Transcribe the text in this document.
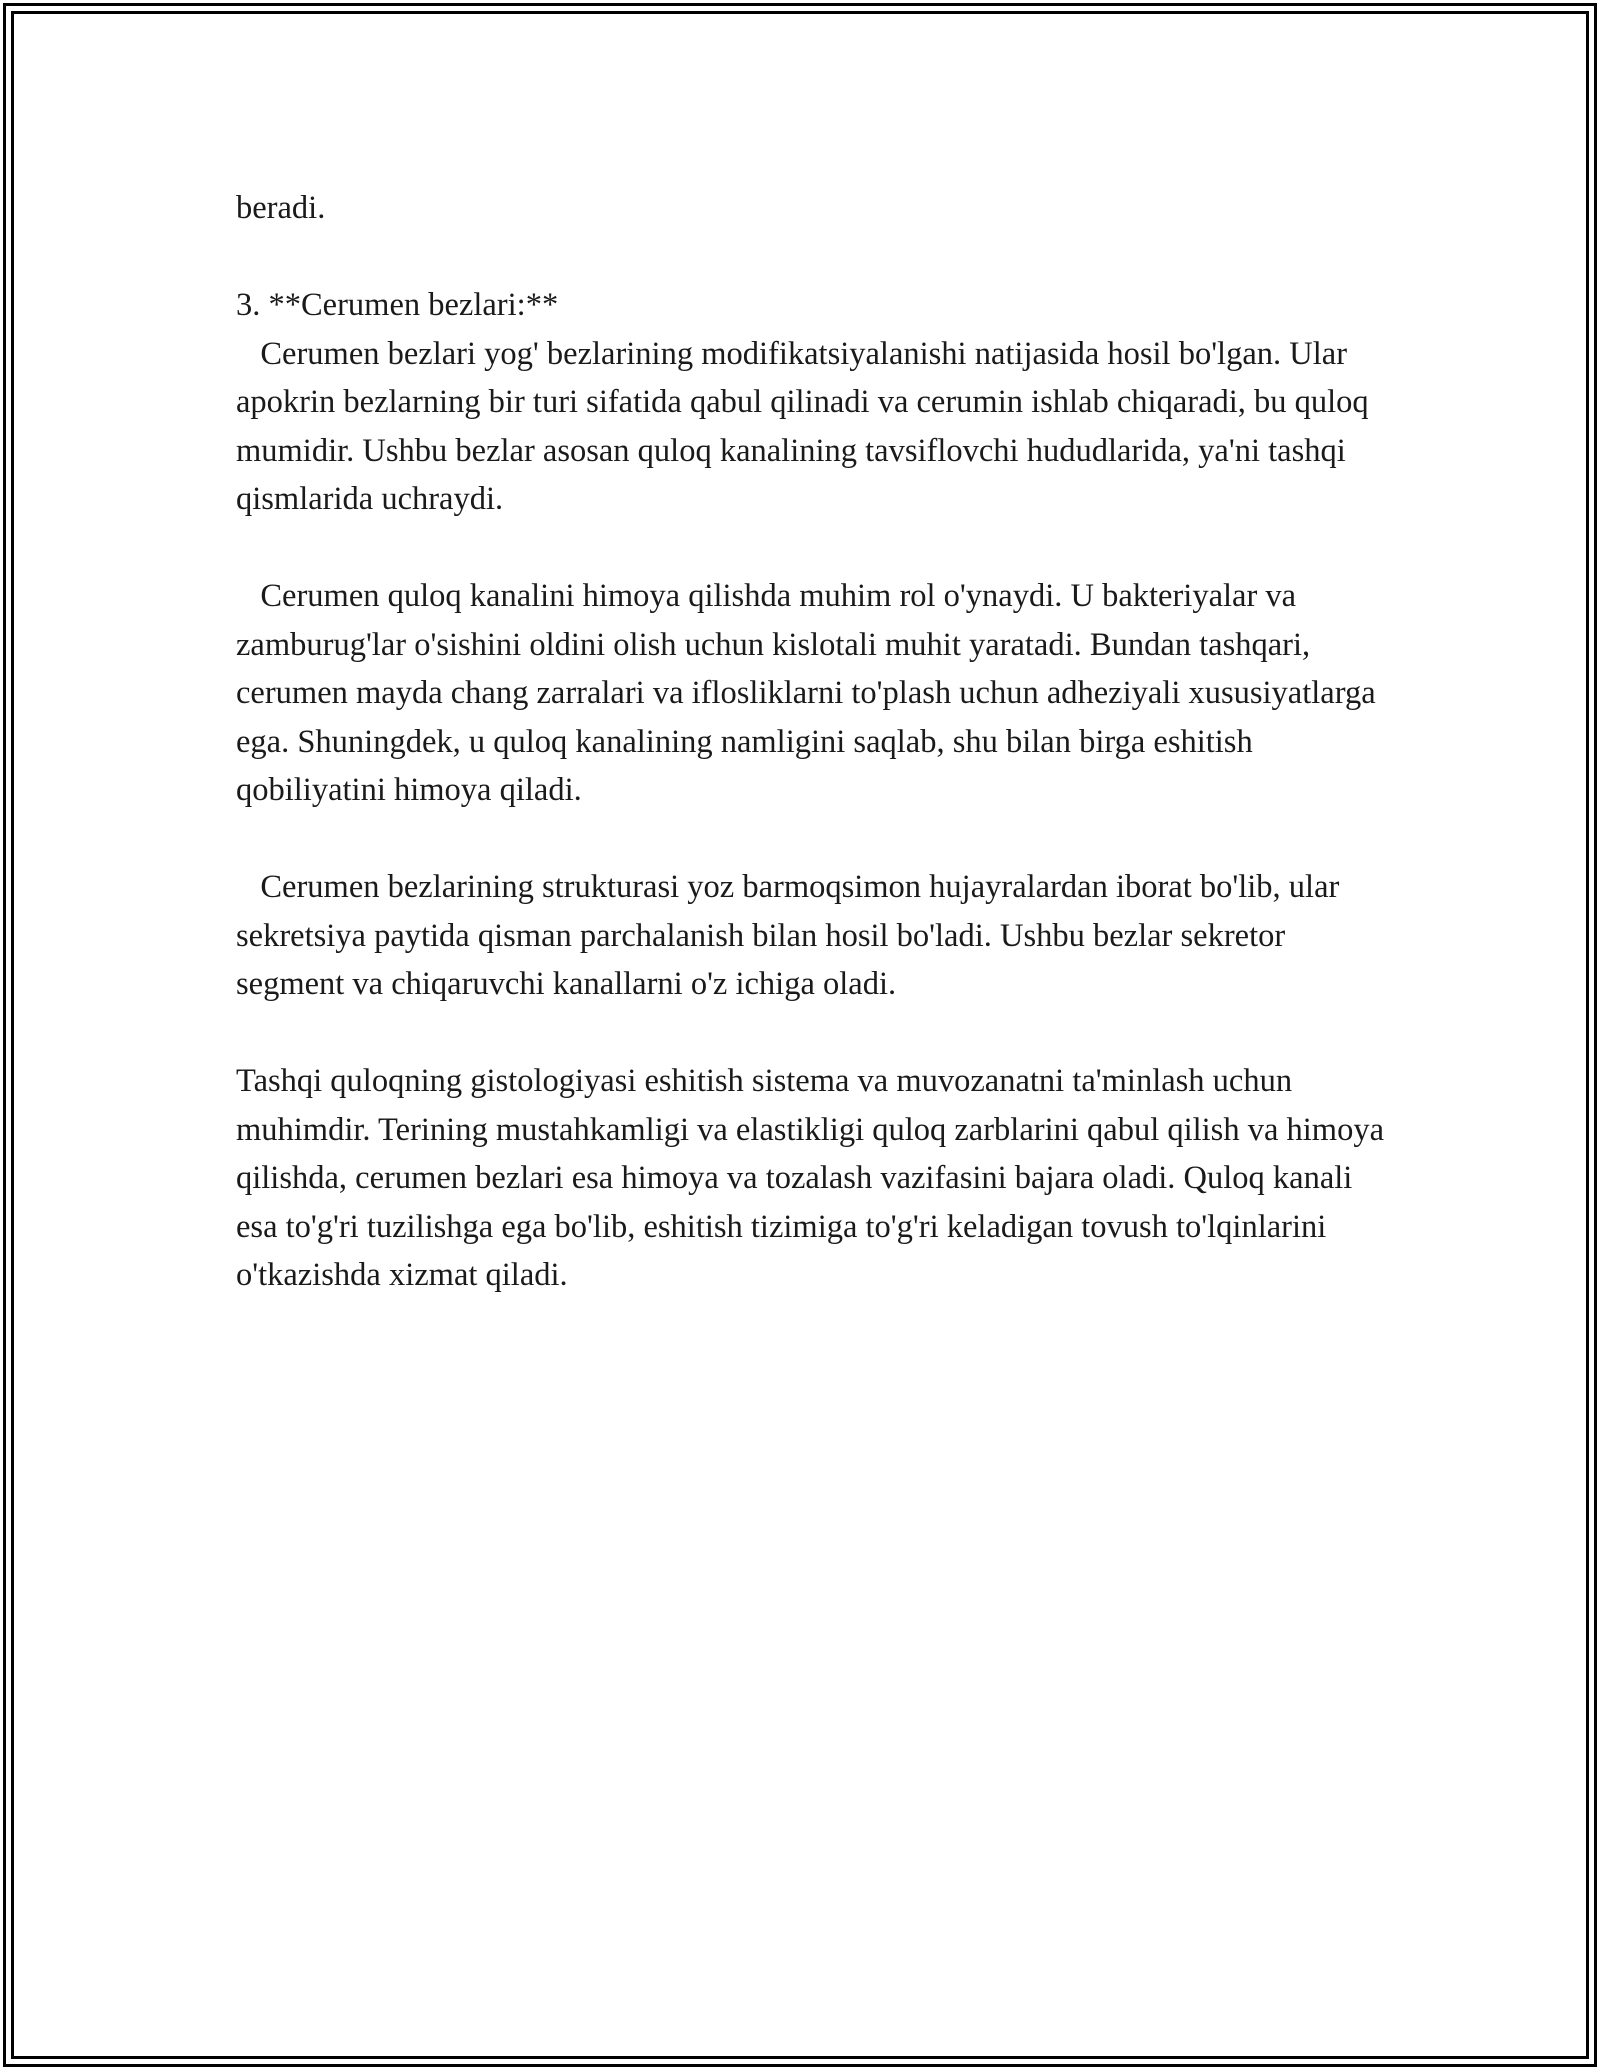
beradi.

3. **Cerumen bezlari:**
Cerumen bezlari yog' bezlarining modifikatsiyalanishi natijasida hosil bo'lgan. Ular apokrin bezlarning bir turi sifatida qabul qilinadi va cerumin ishlab chiqaradi, bu quloq mumidir. Ushbu bezlar asosan quloq kanalining tavsiflovchi hududlarida, ya'ni tashqi qismlarida uchraydi.

Cerumen quloq kanalini himoya qilishda muhim rol o'ynaydi. U bakteriyalar va zamburug'lar o'sishini oldini olish uchun kislotali muhit yaratadi. Bundan tashqari, cerumen mayda chang zarralari va iflosliklarni to'plash uchun adheziyali xususiyatlarga ega. Shuningdek, u quloq kanalining namligini saqlab, shu bilan birga eshitish qobiliyatini himoya qiladi.

Cerumen bezlarining strukturasi yoz barmoqsimon hujayralardan iborat bo'lib, ular sekretsiya paytida qisman parchalanish bilan hosil bo'ladi. Ushbu bezlar sekretor segment va chiqaruvchi kanallarni o'z ichiga oladi.

Tashqi quloqning gistologiyasi eshitish sistema va muvozanatni ta'minlash uchun muhimdir. Terining mustahkamligi va elastikligi quloq zarblarini qabul qilish va himoya qilishda, cerumen bezlari esa himoya va tozalash vazifasini bajara oladi. Quloq kanali esa to'g'ri tuzilishga ega bo'lib, eshitish tizimiga to'g'ri keladigan tovush to'lqinlarini o'tkazishda xizmat qiladi.
